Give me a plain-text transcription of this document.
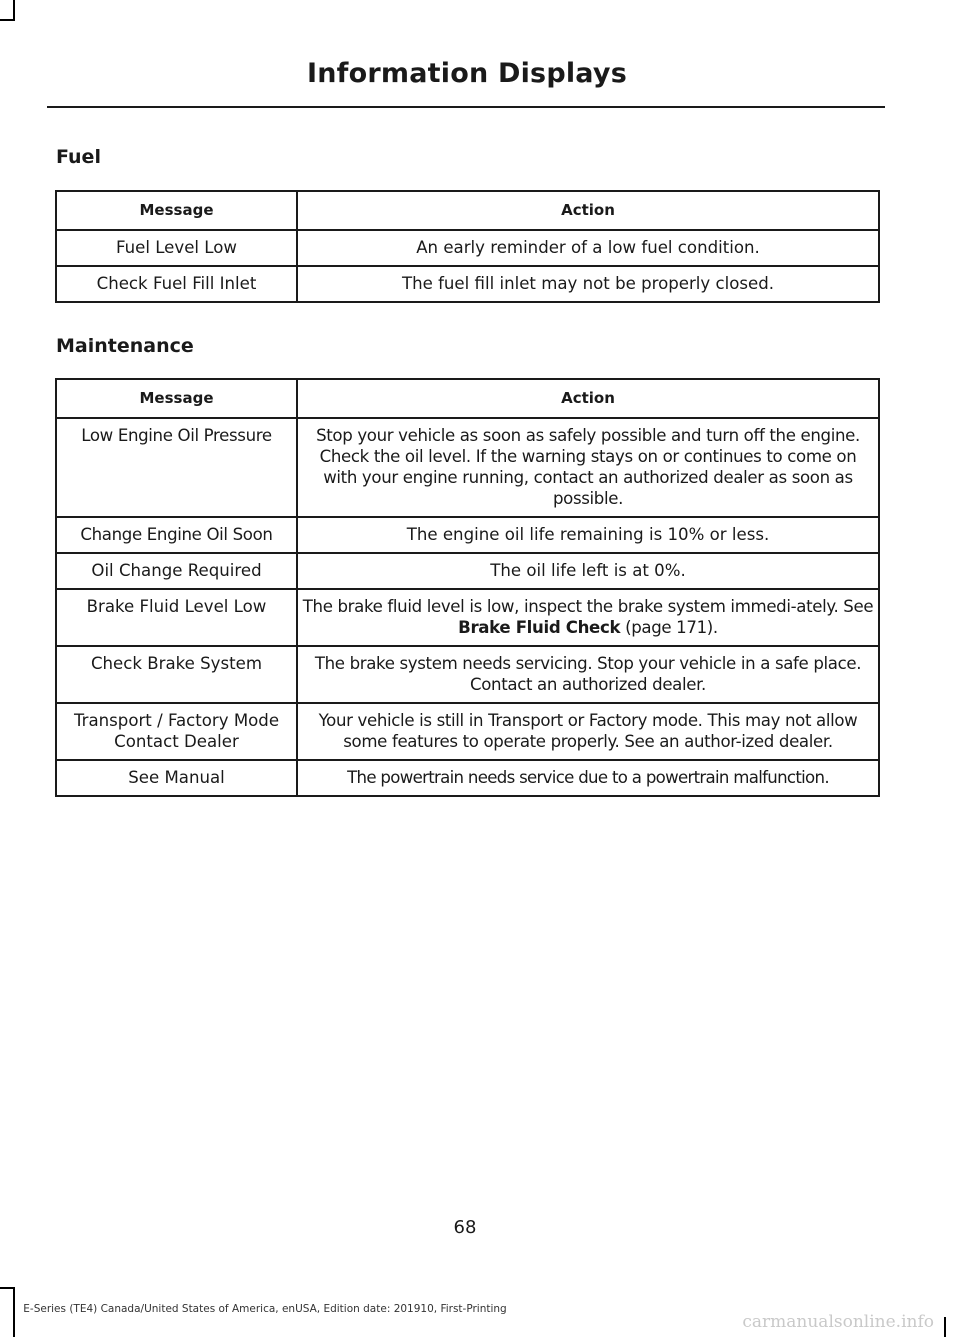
Information Displays
Fuel
Message	Action
Fuel Level Low	An early reminder of a low fuel condition.
Check Fuel Fill Inlet	The fuel fill inlet may not be properly closed.
Maintenance
Message	Action
Low Engine Oil Pressure	Stop your vehicle as soon as safely possible and turn off the engine. Check the oil level. If the warning stays on or continues to come on with your engine running, contact an authorized dealer as soon as possible.
Change Engine Oil Soon	The engine oil life remaining is 10% or less.
Oil Change Required	The oil life left is at 0%.
Brake Fluid Level Low	The brake fluid level is low, inspect the brake system immedi-ately. See Brake Fluid Check (page 171).
Check Brake System	The brake system needs servicing. Stop your vehicle in a safe place. Contact an authorized dealer.
Transport / Factory Mode Contact Dealer	Your vehicle is still in Transport or Factory mode. This may not allow some features to operate properly. See an author-ized dealer.
See Manual	The powertrain needs service due to a powertrain malfunction.
68
E-Series (TE4) Canada/United States of America, enUSA, Edition date: 201910, First-Printing
carmanualsonline.info
